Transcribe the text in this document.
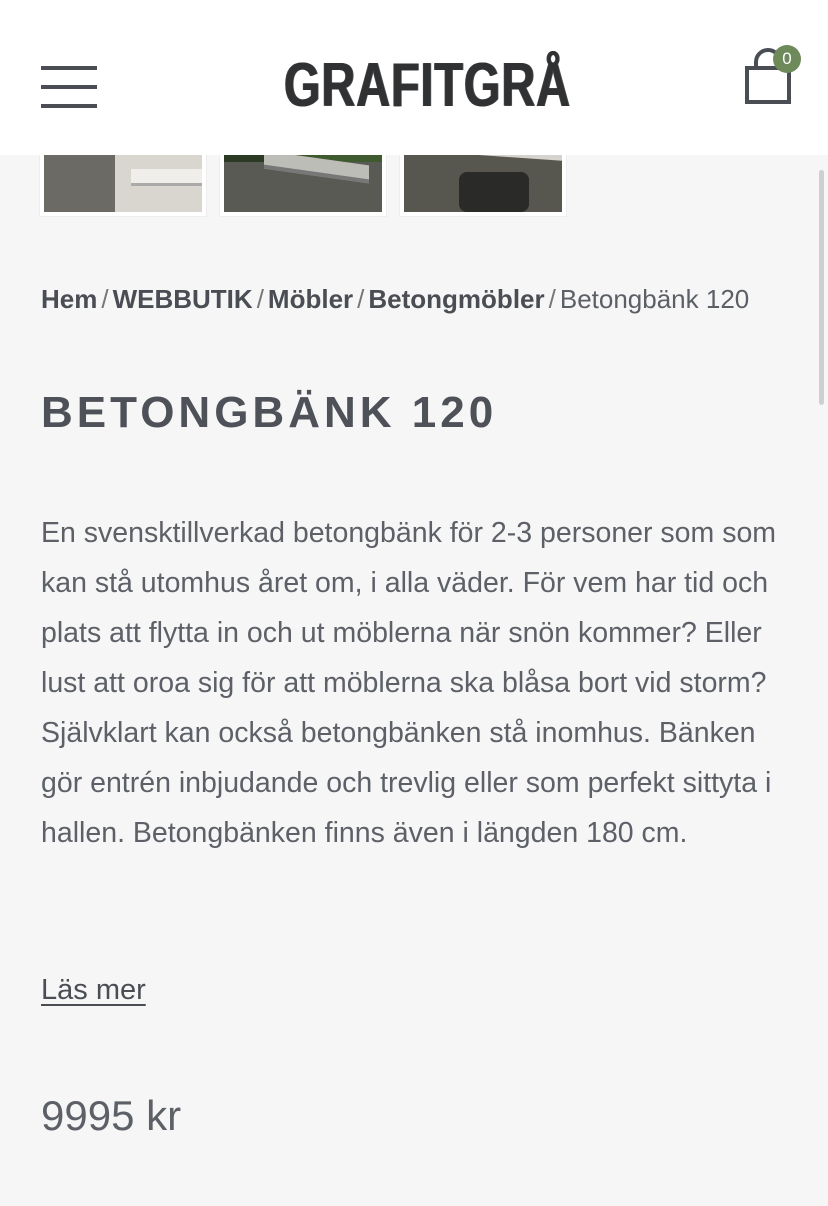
GRAFITGRÅ	0
Hem / WEBBUTIK / Möbler / Betongmöbler / Betongbänk 120
BETONGBÄNK 120

En svensktillverkad betongbänk för 2-3 personer som som kan stå utomhus året om, i alla väder. För vem har tid och plats att flytta in och ut möblerna när snön kommer? Eller lust att oroa sig för att möblerna ska blåsa bort vid storm? Självklart kan också betongbänken stå inomhus. Bänken gör entrén inbjudande och trevlig eller som perfekt sittyta i hallen. Betongbänken finns även i längden 180 cm.

Läs mer
9995 kr
